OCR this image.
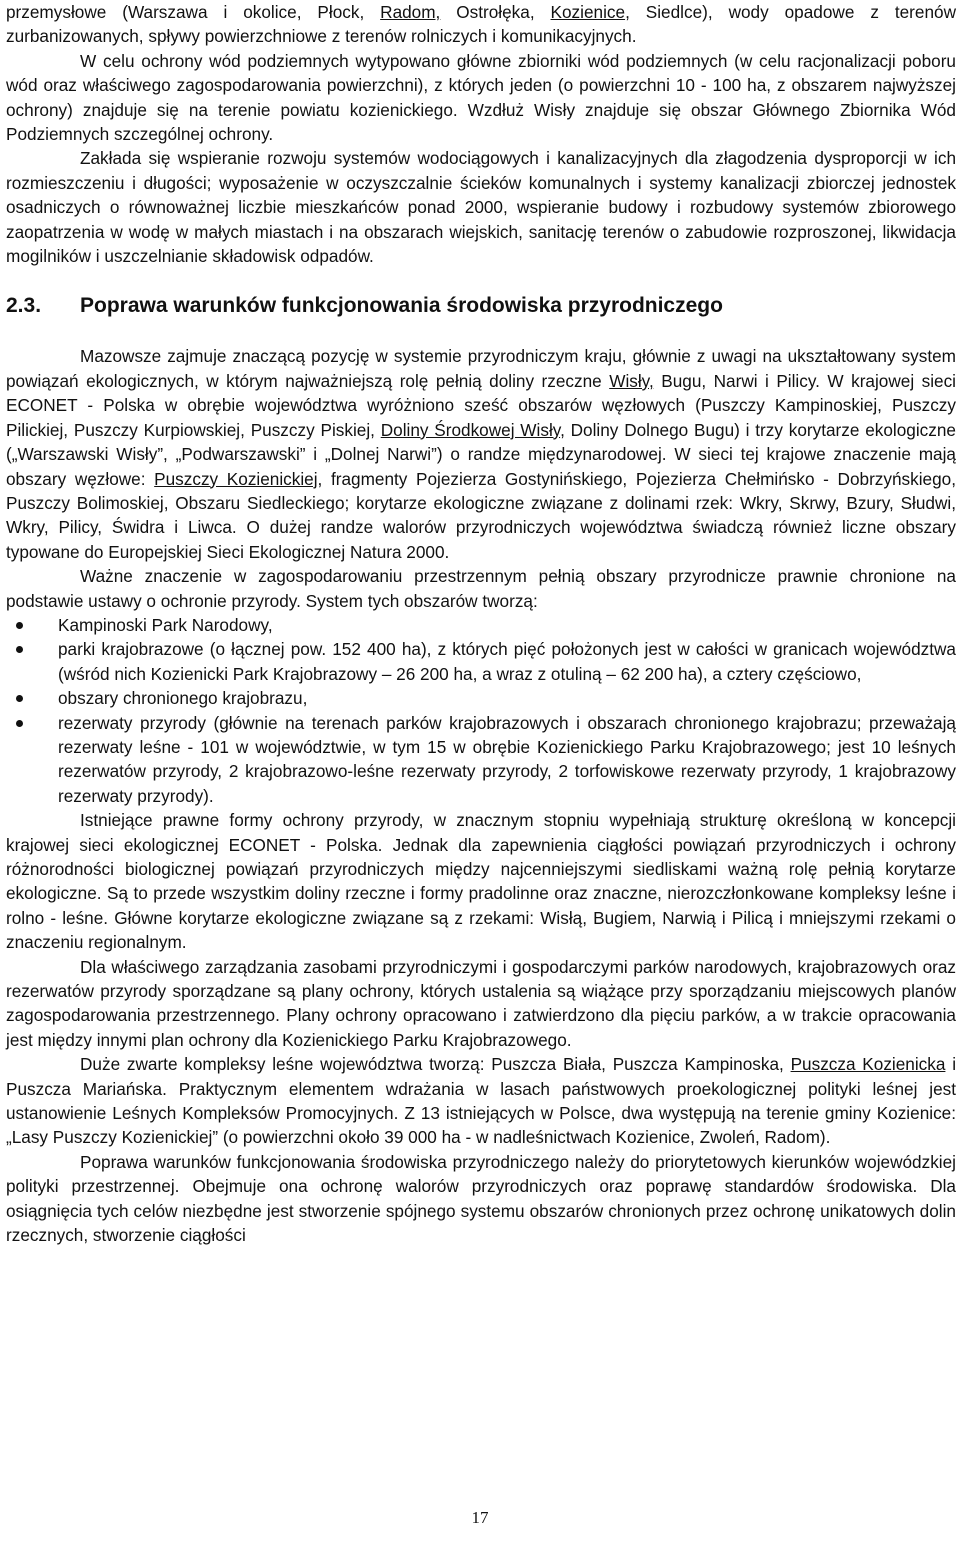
przemysłowe (Warszawa i okolice, Płock, Radom, Ostrołęka, Kozienice, Siedlce), wody opadowe z terenów zurbanizowanych, spływy powierzchniowe z terenów rolniczych i komunikacyjnych.

W celu ochrony wód podziemnych wytypowano główne zbiorniki wód podziemnych (w celu racjonalizacji poboru wód oraz właściwego zagospodarowania powierzchni), z których jeden (o powierzchni 10 - 100 ha, z obszarem najwyższej ochrony) znajduje się na terenie powiatu kozienickiego. Wzdłuż Wisły znajduje się obszar Głównego Zbiornika Wód Podziemnych szczególnej ochrony.

Zakłada się wspieranie rozwoju systemów wodociągowych i kanalizacyjnych dla złagodzenia dysproporcji w ich rozmieszczeniu i długości; wyposażenie w oczyszczalnie ścieków komunalnych i systemy kanalizacji zbiorczej jednostek osadniczych o równoważnej liczbie mieszkańców ponad 2000, wspieranie budowy i rozbudowy systemów zbiorowego zaopatrzenia w wodę w małych miastach i na obszarach wiejskich, sanitację terenów o zabudowie rozproszonej, likwidacja mogilników i uszczelnianie składowisk odpadów.

2.3.	Poprawa warunków funkcjonowania środowiska przyrodniczego

Mazowsze zajmuje znaczącą pozycję w systemie przyrodniczym kraju, głównie z uwagi na ukształtowany system powiązań ekologicznych, w którym najważniejszą rolę pełnią doliny rzeczne Wisły, Bugu, Narwi i Pilicy. W krajowej sieci ECONET - Polska w obrębie województwa wyróżniono sześć obszarów węzłowych (Puszczy Kampinoskiej, Puszczy Pilickiej, Puszczy Kurpiowskiej, Puszczy Piskiej, Doliny Środkowej Wisły, Doliny Dolnego Bugu) i trzy korytarze ekologiczne („Warszawski Wisły”, „Podwarszawski” i „Dolnej Narwi”) o randze międzynarodowej. W sieci tej krajowe znaczenie mają obszary węzłowe: Puszczy Kozienickiej, fragmenty Pojezierza Gostynińskiego, Pojezierza Chełmińsko - Dobrzyńskiego, Puszczy Bolimoskiej, Obszaru Siedleckiego; korytarze ekologiczne związane z dolinami rzek: Wkry, Skrwy, Bzury, Słudwi, Wkry, Pilicy, Świdra i Liwca. O dużej randze walorów przyrodniczych województwa świadczą również liczne obszary typowane do Europejskiej Sieci Ekologicznej Natura 2000.

Ważne znaczenie w zagospodarowaniu przestrzennym pełnią obszary przyrodnicze prawnie chronione na podstawie ustawy o ochronie przyrody. System tych obszarów tworzą:

Kampinoski Park Narodowy,
parki krajobrazowe (o łącznej pow. 152 400 ha), z których pięć położonych jest w całości w granicach województwa (wśród nich Kozienicki Park Krajobrazowy – 26 200 ha, a wraz z otuliną – 62 200 ha), a cztery częściowo,
obszary chronionego krajobrazu,
rezerwaty przyrody (głównie na terenach parków krajobrazowych i obszarach chronionego krajobrazu; przeważają rezerwaty leśne - 101 w województwie, w tym 15 w obrębie Kozienickiego Parku Krajobrazowego; jest 10 leśnych rezerwatów przyrody, 2 krajobrazowo-leśne rezerwaty przyrody, 2 torfowiskowe rezerwaty przyrody, 1 krajobrazowy rezerwaty przyrody).

Istniejące prawne formy ochrony przyrody, w znacznym stopniu wypełniają strukturę określoną w koncepcji krajowej sieci ekologicznej ECONET - Polska. Jednak dla zapewnienia ciągłości powiązań przyrodniczych i ochrony różnorodności biologicznej powiązań przyrodniczych między najcenniejszymi siedliskami ważną rolę pełnią korytarze ekologiczne. Są to przede wszystkim doliny rzeczne i formy pradolinne oraz znaczne, nierozczłonkowane kompleksy leśne i rolno - leśne. Główne korytarze ekologiczne związane są z rzekami: Wisłą, Bugiem, Narwią i Pilicą i mniejszymi rzekami o znaczeniu regionalnym.

Dla właściwego zarządzania zasobami przyrodniczymi i gospodarczymi parków narodowych, krajobrazowych oraz rezerwatów przyrody sporządzane są plany ochrony, których ustalenia są wiążące przy sporządzaniu miejscowych planów zagospodarowania przestrzennego. Plany ochrony opracowano i zatwierdzono dla pięciu parków, a w trakcie opracowania jest między innymi plan ochrony dla Kozienickiego Parku Krajobrazowego.

Duże zwarte kompleksy leśne województwa tworzą: Puszcza Biała, Puszcza Kampinoska, Puszcza Kozienicka i Puszcza Mariańska. Praktycznym elementem wdrażania w lasach państwowych proekologicznej polityki leśnej jest ustanowienie Leśnych Kompleksów Promocyjnych. Z 13 istniejących w Polsce, dwa występują na terenie gminy Kozienice: „Lasy Puszczy Kozienickiej” (o powierzchni około 39 000 ha - w nadleśnictwach Kozienice, Zwoleń, Radom).

Poprawa warunków funkcjonowania środowiska przyrodniczego należy do priorytetowych kierunków wojewódzkiej polityki przestrzennej. Obejmuje ona ochronę walorów przyrodniczych oraz poprawę standardów środowiska. Dla osiągnięcia tych celów niezbędne jest stworzenie spójnego systemu obszarów chronionych przez ochronę unikatowych dolin rzecznych, stworzenie ciągłości

17
